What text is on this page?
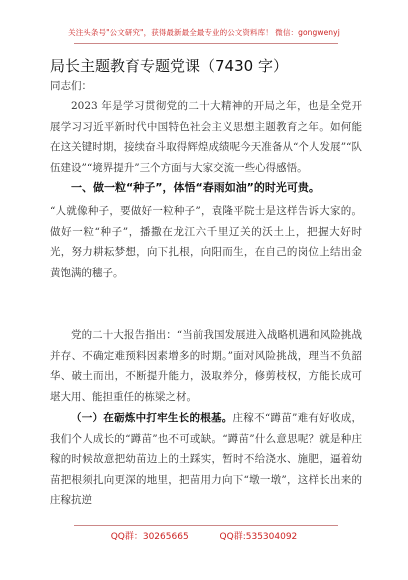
关注头条号"公文研究"，获得最新最全最专业的公文资料库！ 微信：gongwenyj
局长主题教育专题党课（7430 字）
同志们：
2023 年是学习贯彻党的二十大精神的开局之年，也是全党开展学习习近平新时代中国特色社会主义思想主题教育之年。如何能在这关键时期，接续奋斗取得辉煌成绩呢今天准备从“个人发展”“队伍建设”“境界提升”三个方面与大家交流一些心得感悟。
一、做一粒“种子”，体悟“春雨如油”的时光可贵。
“人就像种子，要做好一粒种子”，袁隆平院士是这样告诉大家的。做好一粒“种子”，播撒在龙江六千里辽关的沃土上，把握大好时光，努力耕耘梦想，向下扎根，向阳而生，在自己的岗位上结出金黄饱满的穗子。
党的二十大报告指出：“当前我国发展进入战略机遇和风险挑战并存、不确定难预料因素增多的时期。”面对风险挑战，理当不负韶华、破土而出，不断提升能力，汲取养分，修剪枝权，方能长成可堪大用、能担重任的栋梁之材。
（一）在砺炼中打牢生长的根基。庄稼不“蹲苗”难有好收成，我们个人成长的“蹲苗”也不可或缺。“蹲苗”什么意思呢？就是种庄稼的时候故意把幼苗边上的土踩实，暂时不给浇水、施肥，逼着幼苗把根须扎向更深的地里，把苗用力向下“墩一墩”，这样长出来的庄稼抗逆
QQ群：30265665	QQ群:535304092
